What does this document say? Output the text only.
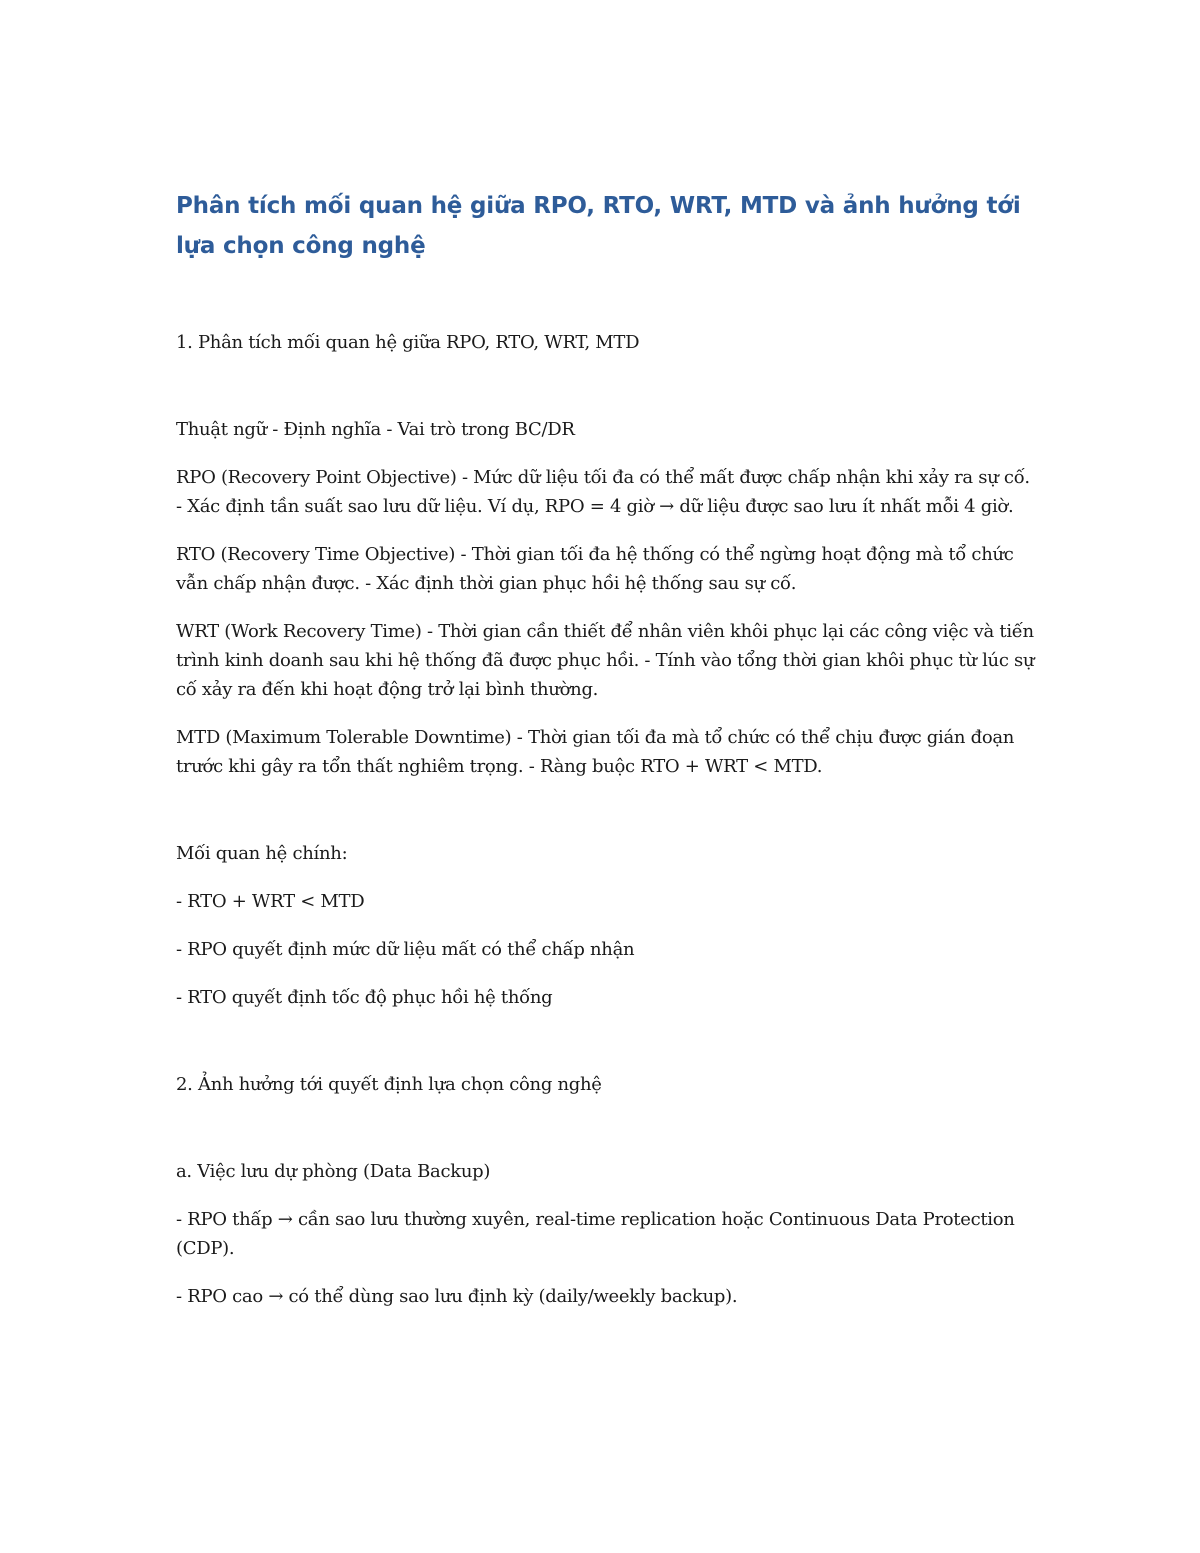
Phân tích mối quan hệ giữa RPO, RTO, WRT, MTD và ảnh hưởng tới lựa chọn công nghệ

1. Phân tích mối quan hệ giữa RPO, RTO, WRT, MTD

Thuật ngữ - Định nghĩa - Vai trò trong BC/DR

RPO (Recovery Point Objective) - Mức dữ liệu tối đa có thể mất được chấp nhận khi xảy ra sự cố. - Xác định tần suất sao lưu dữ liệu. Ví dụ, RPO = 4 giờ → dữ liệu được sao lưu ít nhất mỗi 4 giờ.

RTO (Recovery Time Objective) - Thời gian tối đa hệ thống có thể ngừng hoạt động mà tổ chức vẫn chấp nhận được. - Xác định thời gian phục hồi hệ thống sau sự cố.

WRT (Work Recovery Time) - Thời gian cần thiết để nhân viên khôi phục lại các công việc và tiến trình kinh doanh sau khi hệ thống đã được phục hồi. - Tính vào tổng thời gian khôi phục từ lúc sự cố xảy ra đến khi hoạt động trở lại bình thường.

MTD (Maximum Tolerable Downtime) - Thời gian tối đa mà tổ chức có thể chịu được gián đoạn trước khi gây ra tổn thất nghiêm trọng. - Ràng buộc RTO + WRT < MTD.

Mối quan hệ chính:

- RTO + WRT < MTD

- RPO quyết định mức dữ liệu mất có thể chấp nhận

- RTO quyết định tốc độ phục hồi hệ thống

2. Ảnh hưởng tới quyết định lựa chọn công nghệ

a. Việc lưu dự phòng (Data Backup)

- RPO thấp → cần sao lưu thường xuyên, real-time replication hoặc Continuous Data Protection (CDP).

- RPO cao → có thể dùng sao lưu định kỳ (daily/weekly backup).
